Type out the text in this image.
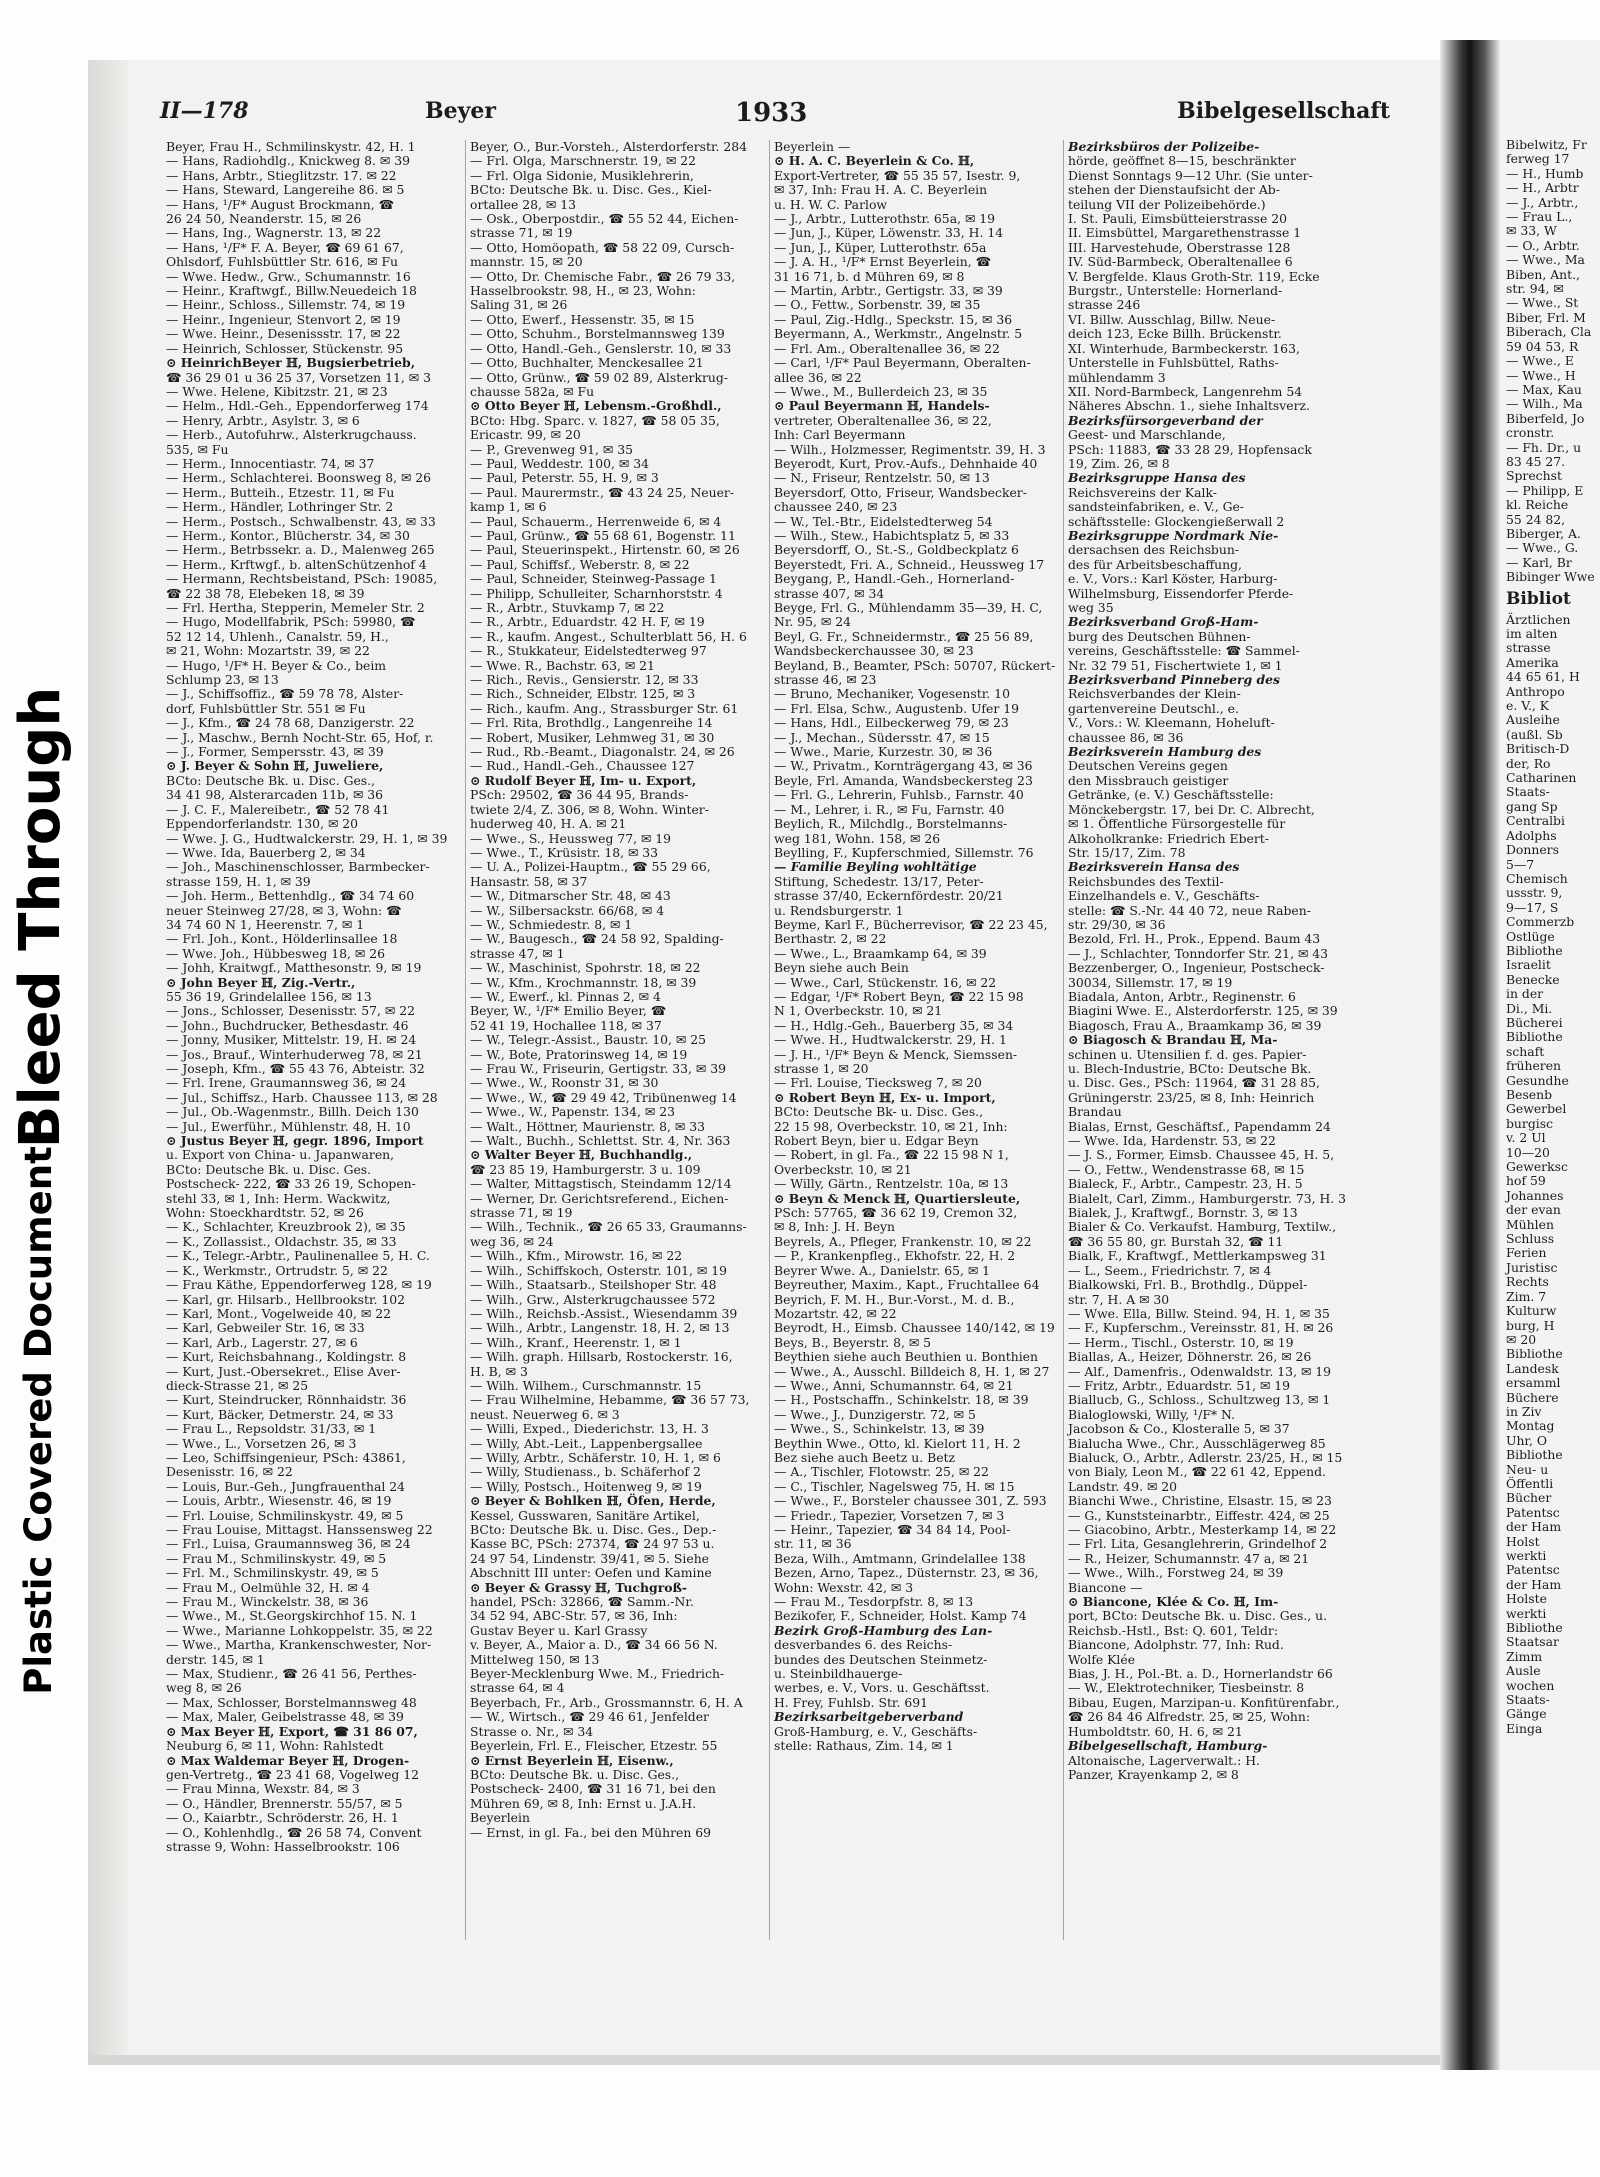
Bleed Through
Plastic Covered Document
II—178	Beyer	1933	Bibelgesellschaft
Beyer, Frau H., Schmilinskystr. 42, H. 1
— Hans, Radiohdlg., Knickweg 8. ✉ 39
— Hans, Arbtr., Stieglitzstr. 17. ✉ 22
— Hans, Steward, Langereihe 86. ✉ 5
— Hans, ¹/F* August Brockmann, ☎
26 24 50, Neanderstr. 15, ✉ 26
— Hans, Ing., Wagnerstr. 13, ✉ 22
— Hans, ¹/F* F. A. Beyer, ☎ 69 61 67,
Ohlsdorf, Fuhlsbüttler Str. 616, ✉ Fu
— Wwe. Hedw., Grw., Schumannstr. 16
— Heinr., Kraftwgf., Billw.Neuedeich 18
— Heinr., Schloss., Sillemstr. 74, ✉ 19
— Heinr., Ingenieur, Stenvort 2, ✉ 19
— Wwe. Heinr., Desenissstr. 17, ✉ 22
— Heinrich, Schlosser, Stückenstr. 95
⊙ HeinrichBeyer ℍ, Bugsierbetrieb,
☎ 36 29 01 u 36 25 37, Vorsetzen 11, ✉ 3
— Wwe. Helene, Kibitzstr. 21, ✉ 23
— Helm., Hdl.-Geh., Eppendorferweg 174
— Henry, Arbtr., Asylstr. 3, ✉ 6
— Herb., Autofuhrw., Alsterkrugchauss.
535, ✉ Fu
— Herm., Innocentiastr. 74, ✉ 37
— Herm., Schlachterei. Boonsweg 8, ✉ 26
— Herm., Butteih., Etzestr. 11, ✉ Fu
— Herm., Händler, Lothringer Str. 2
— Herm., Postsch., Schwalbenstr. 43, ✉ 33
— Herm., Kontor., Blücherstr. 34, ✉ 30
— Herm., Betrbssekr. a. D., Malenweg 265
— Herm., Krftwgf., b. altenSchützenhof 4
— Hermann, Rechtsbeistand, PSch: 19085,
☎ 22 38 78, Elebeken 18, ✉ 39
— Frl. Hertha, Stepperin, Memeler Str. 2
— Hugo, Modellfabrik, PSch: 59980, ☎
52 12 14, Uhlenh., Canalstr. 59, H.,
✉ 21, Wohn: Mozartstr. 39, ✉ 22
— Hugo, ¹/F* H. Beyer & Co., beim
Schlump 23, ✉ 13
— J., Schiffsoffiz., ☎ 59 78 78, Alster-
dorf, Fuhlsbüttler Str. 551 ✉ Fu
— J., Kfm., ☎ 24 78 68, Danzigerstr. 22
— J., Maschw., Bernh Nocht-Str. 65, Hof, r.
— J., Former, Sempersstr. 43, ✉ 39
⊙ J. Beyer & Sohn ℍ, Juweliere,
BCto: Deutsche Bk. u. Disc. Ges.,
34 41 98, Alsterarcaden 11b, ✉ 36
— J. C. F., Malereibetr., ☎ 52 78 41
Eppendorferlandstr. 130, ✉ 20
— Wwe. J. G., Hudtwalckerstr. 29, H. 1, ✉ 39
— Wwe. Ida, Bauerberg 2, ✉ 34
— Joh., Maschinenschlosser, Barmbecker-
strasse 159, H. 1, ✉ 39
— Joh. Herm., Bettenhdlg., ☎ 34 74 60
neuer Steinweg 27/28, ✉ 3, Wohn: ☎
34 74 60 N 1, Heerenstr. 7, ✉ 1
— Frl. Joh., Kont., Hölderlinsallee 18
— Wwe. Joh., Hübbesweg 18, ✉ 26
— Johh, Kraitwgf., Matthesonstr. 9, ✉ 19
⊙ John Beyer ℍ, Zig.-Vertr.,
55 36 19, Grindelallee 156, ✉ 13
— Jons., Schlosser, Desenisstr. 57, ✉ 22
— John., Buchdrucker, Bethesdastr. 46
— Jonny, Musiker, Mittelstr. 19, H. ✉ 24
— Jos., Brauf., Winterhuderweg 78, ✉ 21
— Joseph, Kfm., ☎ 55 43 76, Abteistr. 32
— Frl. Irene, Graumannsweg 36, ✉ 24
— Jul., Schiffsz., Harb. Chaussee 113, ✉ 28
— Jul., Ob.-Wagenmstr., Billh. Deich 130
— Jul., Ewerführ., Mühlenstr. 48, H. 10
⊙ Justus Beyer ℍ, gegr. 1896, Import
u. Export von China- u. Japanwaren,
BCto: Deutsche Bk. u. Disc. Ges.
Postscheck- 222, ☎ 33 26 19, Schopen-
stehl 33, ✉ 1, Inh: Herm. Wackwitz,
Wohn: Stoeckhardtstr. 52, ✉ 26
— K., Schlachter, Kreuzbrook 2), ✉ 35
— K., Zollassist., Oldachstr. 35, ✉ 33
— K., Telegr.-Arbtr., Paulinenallee 5, H. C.
— K., Werkmstr., Ortrudstr. 5, ✉ 22
— Frau Käthe, Eppendorferweg 128, ✉ 19
— Karl, gr. Hilsarb., Hellbrookstr. 102
— Karl, Mont., Vogelweide 40, ✉ 22
— Karl, Gebweiler Str. 16, ✉ 33
— Karl, Arb., Lagerstr. 27, ✉ 6
— Kurt, Reichsbahnang., Koldingstr. 8
— Kurt, Just.-Obersekret., Elise Aver-
dieck-Strasse 21, ✉ 25
— Kurt, Steindrucker, Rönnhaidstr. 36
— Kurt, Bäcker, Detmerstr. 24, ✉ 33
— Frau L., Repsoldstr. 31/33, ✉ 1
— Wwe., L., Vorsetzen 26, ✉ 3
— Leo, Schiffsingenieur, PSch: 43861,
Desenisstr. 16, ✉ 22
— Louis, Bur.-Geh., Jungfrauenthal 24
— Louis, Arbtr., Wiesenstr. 46, ✉ 19
— Frl. Louise, Schmilinskystr. 49, ✉ 5
— Frau Louise, Mittagst. Hanssensweg 22
— Frl., Luisa, Graumannsweg 36, ✉ 24
— Frau M., Schmilinskystr. 49, ✉ 5
— Frl. M., Schmilinskystr. 49, ✉ 5
— Frau M., Oelmühle 32, H. ✉ 4
— Frau M., Winckelstr. 38, ✉ 36
— Wwe., M., St.Georgskirchhof 15. N. 1
— Wwe., Marianne Lohkoppelstr. 35, ✉ 22
— Wwe., Martha, Krankenschwester, Nor-
derstr. 145, ✉ 1
— Max, Studienr., ☎ 26 41 56, Perthes-
weg 8, ✉ 26
— Max, Schlosser, Borstelmannsweg 48
— Max, Maler, Geibelstrasse 48, ✉ 39
⊙ Max Beyer ℍ, Export, ☎ 31 86 07,
Neuburg 6, ✉ 11, Wohn: Rahlstedt
⊙ Max Waldemar Beyer ℍ, Drogen-
gen-Vertretg., ☎ 23 41 68, Vogelweg 12
— Frau Minna, Wexstr. 84, ✉ 3
— O., Händler, Brennerstr. 55/57, ✉ 5
— O., Kaiarbtr., Schröderstr. 26, H. 1
— O., Kohlenhdlg., ☎ 26 58 74, Convent
strasse 9, Wohn: Hasselbrookstr. 106
Beyer, O., Bur.-Vorsteh., Alsterdorferstr. 284
— Frl. Olga, Marschnerstr. 19, ✉ 22
— Frl. Olga Sidonie, Musiklehrerin,
BCto: Deutsche Bk. u. Disc. Ges., Kiel-
ortallee 28, ✉ 13
— Osk., Oberpostdir., ☎ 55 52 44, Eichen-
strasse 71, ✉ 19
— Otto, Homöopath, ☎ 58 22 09, Cursch-
mannstr. 15, ✉ 20
— Otto, Dr. Chemische Fabr., ☎ 26 79 33,
Hasselbrookstr. 98, H., ✉ 23, Wohn:
Saling 31, ✉ 26
— Otto, Ewerf., Hessenstr. 35, ✉ 15
— Otto, Schuhm., Borstelmannsweg 139
— Otto, Handl.-Geh., Genslerstr. 10, ✉ 33
— Otto, Buchhalter, Menckesallee 21
— Otto, Grünw., ☎ 59 02 89, Alsterkrug-
chausse 582a, ✉ Fu
⊙ Otto Beyer ℍ, Lebensm.-Großhdl.,
BCto: Hbg. Sparc. v. 1827, ☎ 58 05 35,
Ericastr. 99, ✉ 20
— P., Grevenweg 91, ✉ 35
— Paul, Weddestr. 100, ✉ 34
— Paul, Peterstr. 55, H. 9, ✉ 3
— Paul. Maurermstr., ☎ 43 24 25, Neuer-
kamp 1, ✉ 6
— Paul, Schauerm., Herrenweide 6, ✉ 4
— Paul, Grünw., ☎ 55 68 61, Bogenstr. 11
— Paul, Steuerinspekt., Hirtenstr. 60, ✉ 26
— Paul, Schiffsf., Weberstr. 8, ✉ 22
— Paul, Schneider, Steinweg-Passage 1
— Philipp, Schulleiter, Scharnhorststr. 4
— R., Arbtr., Stuvkamp 7, ✉ 22
— R., Arbtr., Eduardstr. 42 H. F, ✉ 19
— R., kaufm. Angest., Schulterblatt 56, H. 6
— R., Stukkateur, Eidelstedterweg 97
— Wwe. R., Bachstr. 63, ✉ 21
— Rich., Revis., Gensierstr. 12, ✉ 33
— Rich., Schneider, Elbstr. 125, ✉ 3
— Rich., kaufm. Ang., Strassburger Str. 61
— Frl. Rita, Brothdlg., Langenreihe 14
— Robert, Musiker, Lehmweg 31, ✉ 30
— Rud., Rb.-Beamt., Diagonalstr. 24, ✉ 26
— Rud., Handl.-Geh., Chaussee 127
⊙ Rudolf Beyer ℍ, Im- u. Export,
PSch: 29502, ☎ 36 44 95, Brands-
twiete 2/4, Z. 306, ✉ 8, Wohn. Winter-
huderweg 40, H. A. ✉ 21
— Wwe., S., Heussweg 77, ✉ 19
— Wwe., T., Krüsistr. 18, ✉ 33
— U. A., Polizei-Hauptm., ☎ 55 29 66,
Hansastr. 58, ✉ 37
— W., Ditmarscher Str. 48, ✉ 43
— W., Silbersackstr. 66/68, ✉ 4
— W., Schmiedestr. 8, ✉ 1
— W., Baugesch., ☎ 24 58 92, Spalding-
strasse 47, ✉ 1
— W., Maschinist, Spohrstr. 18, ✉ 22
— W., Kfm., Krochmannstr. 18, ✉ 39
— W., Ewerf., kl. Pinnas 2, ✉ 4
Beyer, W., ¹/F* Emilio Beyer, ☎
52 41 19, Hochallee 118, ✉ 37
— W., Telegr.-Assist., Baustr. 10, ✉ 25
— W., Bote, Pratorinsweg 14, ✉ 19
— Frau W., Friseurin, Gertigstr. 33, ✉ 39
— Wwe., W., Roonstr 31, ✉ 30
— Wwe., W., ☎ 29 49 42, Tribünenweg 14
— Wwe., W., Papenstr. 134, ✉ 23
— Walt., Höttner, Maurienstr. 8, ✉ 33
— Walt., Buchh., Schlettst. Str. 4, Nr. 363
⊙ Walter Beyer ℍ, Buchhandlg.,
☎ 23 85 19, Hamburgerstr. 3 u. 109
— Walter, Mittagstisch, Steindamm 12/14
— Werner, Dr. Gerichtsreferend., Eichen-
strasse 71, ✉ 19
— Wilh., Technik., ☎ 26 65 33, Graumanns-
weg 36, ✉ 24
— Wilh., Kfm., Mirowstr. 16, ✉ 22
— Wilh., Schiffskoch, Osterstr. 101, ✉ 19
— Wilh., Staatsarb., Steilshoper Str. 48
— Wilh., Grw., Alsterkrugchaussee 572
— Wilh., Reichsb.-Assist., Wiesendamm 39
— Wilh., Arbtr., Langenstr. 18, H. 2, ✉ 13
— Wilh., Kranf., Heerenstr. 1, ✉ 1
— Wilh. graph. Hillsarb, Rostockerstr. 16,
H. B, ✉ 3
— Wilh. Wilhem., Curschmannstr. 15
— Frau Wilhelmine, Hebamme, ☎ 36 57 73,
neust. Neuerweg 6. ✉ 3
— Willi, Exped., Diederichstr. 13, H. 3
— Willy, Abt.-Leit., Lappenbergsallee
— Willy, Arbtr., Schäferstr. 10, H. 1, ✉ 6
— Willy, Studienass., b. Schäferhof 2
— Willy, Postsch., Hoitenweg 9, ✉ 19
⊙ Beyer & Bohlken ℍ, Öfen, Herde,
Kessel, Gusswaren, Sanitäre Artikel,
BCto: Deutsche Bk. u. Disc. Ges., Dep.-
Kasse BC, PSch: 27374, ☎ 24 97 53 u.
24 97 54, Lindenstr. 39/41, ✉ 5. Siehe
Abschnitt III unter: Oefen und Kamine
⊙ Beyer & Grassy ℍ, Tuchgroß-
handel, PSch: 32866, ☎ Samm.-Nr.
34 52 94, ABC-Str. 57, ✉ 36, Inh:
Gustav Beyer u. Karl Grassy
v. Beyer, A., Maior a. D., ☎ 34 66 56 N.
Mittelweg 150, ✉ 13
Beyer-Mecklenburg Wwe. M., Friedrich-
strasse 64, ✉ 4
Beyerbach, Fr., Arb., Grossmannstr. 6, H. A
— W., Wirtsch., ☎ 29 46 61, Jenfelder
Strasse o. Nr., ✉ 34
Beyerlein, Frl. E., Fleischer, Etzestr. 55
⊙ Ernst Beyerlein ℍ, Eisenw.,
BCto: Deutsche Bk. u. Disc. Ges.,
Postscheck- 2400, ☎ 31 16 71, bei den
Mühren 69, ✉ 8, Inh: Ernst u. J.A.H.
Beyerlein
— Ernst, in gl. Fa., bei den Mühren 69
Beyerlein —
⊙ H. A. C. Beyerlein & Co. ℍ,
Export-Vertreter, ☎ 55 35 57, Isestr. 9,
✉ 37, Inh: Frau H. A. C. Beyerlein
u. H. W. C. Parlow
— J., Arbtr., Lutterothstr. 65a, ✉ 19
— Jun, J., Küper, Löwenstr. 33, H. 14
— Jun, J., Küper, Lutterothstr. 65a
— J. A. H., ¹/F* Ernst Beyerlein, ☎
31 16 71, b. d Mühren 69, ✉ 8
— Martin, Arbtr., Gertigstr. 33, ✉ 39
— O., Fettw., Sorbenstr. 39, ✉ 35
— Paul, Zig.-Hdlg., Speckstr. 15, ✉ 36
Beyermann, A., Werkmstr., Angelnstr. 5
— Frl. Am., Oberaltenallee 36, ✉ 22
— Carl, ¹/F* Paul Beyermann, Oberalten-
allee 36, ✉ 22
— Wwe., M., Bullerdeich 23, ✉ 35
⊙ Paul Beyermann ℍ, Handels-
vertreter, Oberaltenallee 36, ✉ 22,
Inh: Carl Beyermann
— Wilh., Holzmesser, Regimentstr. 39, H. 3
Beyerodt, Kurt, Prov.-Aufs., Dehnhaide 40
— N., Friseur, Rentzelstr. 50, ✉ 13
Beyersdorf, Otto, Friseur, Wandsbecker-
chaussee 240, ✉ 23
— W., Tel.-Btr., Eidelstedterweg 54
— Wilh., Stew., Habichtsplatz 5, ✉ 33
Beyersdorff, O., St.-S., Goldbeckplatz 6
Beyerstedt, Fri. A., Schneid., Heussweg 17
Beygang, P., Handl.-Geh., Hornerland-
strasse 407, ✉ 34
Beyge, Frl. G., Mühlendamm 35—39, H. C,
Nr. 95, ✉ 24
Beyl, G. Fr., Schneidermstr., ☎ 25 56 89,
Wandsbeckerchaussee 30, ✉ 23
Beyland, B., Beamter, PSch: 50707, Rückert-
strasse 46, ✉ 23
— Bruno, Mechaniker, Vogesenstr. 10
— Frl. Elsa, Schw., Augustenb. Ufer 19
— Hans, Hdl., Eilbeckerweg 79, ✉ 23
— J., Mechan., Südersstr. 47, ✉ 15
— Wwe., Marie, Kurzestr. 30, ✉ 36
— W., Privatm., Kornträgergang 43, ✉ 36
Beyle, Frl. Amanda, Wandsbeckersteg 23
— Frl. G., Lehrerin, Fuhlsb., Farnstr. 40
— M., Lehrer, i. R., ✉ Fu, Farnstr. 40
Beylich, R., Milchdlg., Borstelmanns-
weg 181, Wohn. 158, ✉ 26
Beylling, F., Kupferschmied, Sillemstr. 76
— Familie Beyling wohltätige
Stiftung, Schedestr. 13/17, Peter-
strasse 37/40, Eckernfördestr. 20/21
u. Rendsburgerstr. 1
Beyme, Karl F., Bücherrevisor, ☎ 22 23 45,
Berthastr. 2, ✉ 22
— Wwe., L., Braamkamp 64, ✉ 39
Beyn siehe auch Bein
— Wwe., Carl, Stückenstr. 16, ✉ 22
— Edgar, ¹/F* Robert Beyn, ☎ 22 15 98
N 1, Overbeckstr. 10, ✉ 21
— H., Hdlg.-Geh., Bauerberg 35, ✉ 34
— Wwe. H., Hudtwalckerstr. 29, H. 1
— J. H., ¹/F* Beyn & Menck, Siemssen-
strasse 1, ✉ 20
— Frl. Louise, Tiecksweg 7, ✉ 20
⊙ Robert Beyn ℍ, Ex- u. Import,
BCto: Deutsche Bk- u. Disc. Ges.,
22 15 98, Overbeckstr. 10, ✉ 21, Inh:
Robert Beyn, bier u. Edgar Beyn
— Robert, in gl. Fa., ☎ 22 15 98 N 1,
Overbeckstr. 10, ✉ 21
— Willy, Gärtn., Rentzelstr. 10a, ✉ 13
⊙ Beyn & Menck ℍ, Quartiersleute,
PSch: 57765, ☎ 36 62 19, Cremon 32,
✉ 8, Inh: J. H. Beyn
Beyrels, A., Pfleger, Frankenstr. 10, ✉ 22
— P., Krankenpfleg., Ekhofstr. 22, H. 2
Beyrer Wwe. A., Danielstr. 65, ✉ 1
Beyreuther, Maxim., Kapt., Fruchtallee 64
Beyrich, F. M. H., Bur.-Vorst., M. d. B.,
Mozartstr. 42, ✉ 22
Beyrodt, H., Eimsb. Chaussee 140/142, ✉ 19
Beys, B., Beyerstr. 8, ✉ 5
Beythien siehe auch Beuthien u. Bonthien
— Wwe., A., Ausschl. Billdeich 8, H. 1, ✉ 27
— Wwe., Anni, Schumannstr. 64, ✉ 21
— H., Postschaffn., Schinkelstr. 18, ✉ 39
— Wwe., J., Dunzigerstr. 72, ✉ 5
— Wwe., S., Schinkelstr. 13, ✉ 39
Beythin Wwe., Otto, kl. Kielort 11, H. 2
Bez siehe auch Beetz u. Betz
— A., Tischler, Flotowstr. 25, ✉ 22
— C., Tischler, Nagelsweg 75, H. ✉ 15
— Wwe., F., Borsteler chaussee 301, Z. 593
— Friedr., Tapezier, Vorsetzen 7, ✉ 3
— Heinr., Tapezier, ☎ 34 84 14, Pool-
str. 11, ✉ 36
Beza, Wilh., Amtmann, Grindelallee 138
Bezen, Arno, Tapez., Düsternstr. 23, ✉ 36,
Wohn: Wexstr. 42, ✉ 3
— Frau M., Tesdorpfstr. 8, ✉ 13
Bezikofer, F., Schneider, Holst. Kamp 74
Bezirk Groß-Hamburg des Lan-
desverbandes 6. des Reichs-
bundes des Deutschen Steinmetz-
u. Steinbildhauerge-
werbes, e. V., Vors. u. Geschäftsst.
H. Frey, Fuhlsb. Str. 691
Bezirksarbeitgeberverband
Groß-Hamburg, e. V., Geschäfts-
stelle: Rathaus, Zim. 14, ✉ 1
Bezirksbüros der Polizeibe-
hörde, geöffnet 8—15, beschränkter
Dienst Sonntags 9—12 Uhr. (Sie unter-
stehen der Dienstaufsicht der Ab-
teilung VII der Polizeibehörde.)
I. St. Pauli, Eimsbütteierstrasse 20
II. Eimsbüttel, Margarethenstrasse 1
III. Harvestehude, Oberstrasse 128
IV. Süd-Barmbeck, Oberaltenallee 6
V. Bergfelde. Klaus Groth-Str. 119, Ecke
Burgstr., Unterstelle: Hornerland-
strasse 246
VI. Billw. Ausschlag, Billw. Neue-
deich 123, Ecke Billh. Brückenstr.
XI. Winterhude, Barmbeckerstr. 163,
Unterstelle in Fuhlsbüttel, Raths-
mühlendamm 3
XII. Nord-Barmbeck, Langenrehm 54
Näheres Abschn. 1., siehe Inhaltsverz.
Bezirksfürsorgeverband der
Geest- und Marschlande,
PSch: 11883, ☎ 33 28 29, Hopfensack
19, Zim. 26, ✉ 8
Bezirksgruppe Hansa des
Reichsvereins der Kalk-
sandsteinfabriken, e. V., Ge-
schäftsstelle: Glockengießerwall 2
Bezirksgruppe Nordmark Nie-
dersachsen des Reichsbun-
des für Arbeitsbeschaffung,
e. V., Vors.: Karl Köster, Harburg-
Wilhelmsburg, Eissendorfer Pferde-
weg 35
Bezirksverband Groß-Ham-
burg des Deutschen Bühnen-
vereins, Geschäftsstelle: ☎ Sammel-
Nr. 32 79 51, Fischertwiete 1, ✉ 1
Bezirksverband Pinneberg des
Reichsverbandes der Klein-
gartenvereine Deutschl., e.
V., Vors.: W. Kleemann, Hoheluft-
chaussee 86, ✉ 36
Bezirksverein Hamburg des
Deutschen Vereins gegen
den Missbrauch geistiger
Getränke, (e. V.) Geschäftsstelle:
Mönckebergstr. 17, bei Dr. C. Albrecht,
✉ 1. Öffentliche Fürsorgestelle für
Alkoholkranke: Friedrich Ebert-
Str. 15/17, Zim. 78
Bezirksverein Hansa des
Reichsbundes des Textil-
Einzelhandels e. V., Geschäfts-
stelle: ☎ S.-Nr. 44 40 72, neue Raben-
str. 29/30, ✉ 36
Bezold, Frl. H., Prok., Eppend. Baum 43
— J., Schlachter, Tonndorfer Str. 21, ✉ 43
Bezzenberger, O., Ingenieur, Postscheck-
30034, Sillemstr. 17, ✉ 19
Biadala, Anton, Arbtr., Reginenstr. 6
Biagini Wwe. E., Alsterdorferstr. 125, ✉ 39
Biagosch, Frau A., Braamkamp 36, ✉ 39
⊙ Biagosch & Brandau ℍ, Ma-
schinen u. Utensilien f. d. ges. Papier-
u. Blech-Industrie, BCto: Deutsche Bk.
u. Disc. Ges., PSch: 11964, ☎ 31 28 85,
Grüningerstr. 23/25, ✉ 8, Inh: Heinrich
Brandau
Bialas, Ernst, Geschäftsf., Papendamm 24
— Wwe. Ida, Hardenstr. 53, ✉ 22
— J. S., Former, Eimsb. Chaussee 45, H. 5,
— O., Fettw., Wendenstrasse 68, ✉ 15
Bialeck, F., Arbtr., Campestr. 23, H. 5
Bialelt, Carl, Zimm., Hamburgerstr. 73, H. 3
Bialek, J., Kraftwgf., Bornstr. 3, ✉ 13
Bialer & Co. Verkaufst. Hamburg, Textilw.,
☎ 36 55 80, gr. Burstah 32, ☎ 11
Bialk, F., Kraftwgf., Mettlerkampsweg 31
— L., Seem., Friedrichstr. 7, ✉ 4
Bialkowski, Frl. B., Brothdlg., Düppel-
str. 7, H. A ✉ 30
— Wwe. Ella, Billw. Steind. 94, H. 1, ✉ 35
— F., Kupferschm., Vereinsstr. 81, H. ✉ 26
— Herm., Tischl., Osterstr. 10, ✉ 19
Biallas, A., Heizer, Döhnerstr. 26, ✉ 26
— Alf., Damenfris., Odenwaldstr. 13, ✉ 19
— Fritz, Arbtr., Eduardstr. 51, ✉ 19
Biallucb, G., Schloss., Schultzweg 13, ✉ 1
Bialoglowski, Willy, ¹/F* N.
Jacobson & Co., Klosteralle 5, ✉ 37
Bialucha Wwe., Chr., Ausschlägerweg 85
Bialuck, O., Arbtr., Adlerstr. 23/25, H., ✉ 15
von Bialy, Leon M., ☎ 22 61 42, Eppend.
Landstr. 49. ✉ 20
Bianchi Wwe., Christine, Elsastr. 15, ✉ 23
— G., Kunststeinarbtr., Eiffestr. 424, ✉ 25
— Giacobino, Arbtr., Mesterkamp 14, ✉ 22
— Frl. Lita, Gesanglehrerin, Grindelhof 2
— R., Heizer, Schumannstr. 47 a, ✉ 21
— Wwe., Wilh., Forstweg 24, ✉ 39
Biancone —
⊙ Biancone, Klée & Co. ℍ, Im-
port, BCto: Deutsche Bk. u. Disc. Ges., u.
Reichsb.-Hstl., Bst: Q. 601, Teldr:
Biancone, Adolphstr. 77, Inh: Rud.
Wolfe Klée
Bias, J. H., Pol.-Bt. a. D., Hornerlandstr 66
— W., Elektrotechniker, Tiesbeinstr. 8
Bibau, Eugen, Marzipan-u. Konfitürenfabr.,
☎ 26 84 46 Alfredstr. 25, ✉ 25, Wohn:
Humboldtstr. 60, H. 6, ✉ 21
Bibelgesellschaft, Hamburg-
Altonaische, Lagerverwalt.: H.
Panzer, Krayenkamp 2, ✉ 8
Bibelwitz, Fr
ferweg 17
— H., Humb
— H., Arbtr
— J., Arbtr.,
— Frau L.,
✉ 33, W
— O., Arbtr.
— Wwe., Ma
Biben, Ant.,
str. 94, ✉
— Wwe., St
Biber, Frl. M
Biberach, Cla
59 04 53, R
— Wwe., E
— Wwe., H
— Max, Kau
— Wilh., Ma
Biberfeld, Jo
cronstr.
— Fh. Dr., u
83 45 27.
Sprechst
— Philipp, E
kl. Reiche
55 24 82,
Biberger, A.
— Wwe., G.
— Karl, Br
Bibinger Wwe
Bibliot
Ärztlichen
im alten
strasse
Amerika
44 65 61, H
Anthropo
e. V., K
Ausleihe
(außl. Sb
Britisch-D
der, Ro
Catharinen
Staats-
gang Sp
Centralbi
Adolphs
Donners
5—7
Chemisch
ussstr. 9,
9—17, S
Commerzb
Ostlüge
Bibliothe
Israelit
Benecke
in der
Di., Mi.
Bücherei
Bibliothe
schaft
früheren
Gesundhe
Besenb
Gewerbel
burgisc
v. 2 Ul
10—20
Gewerksc
hof 59
Johannes
der evan
Mühlen
Schluss
Ferien
Juristisc
Rechts
Zim. 7
Kulturw
burg, H
✉ 20
Bibliothe
Landesk
ersamml
Büchere
in Ziv
Montag
Uhr, O
Bibliothe
Neu- u
Öffentli
Bücher
Patentsc
der Ham
Holst
werkti
Patentsc
der Ham
Holste
werkti
Bibliothe
Staatsar
Zimm
Ausle
wochen
Staats-
Gänge
Einga
